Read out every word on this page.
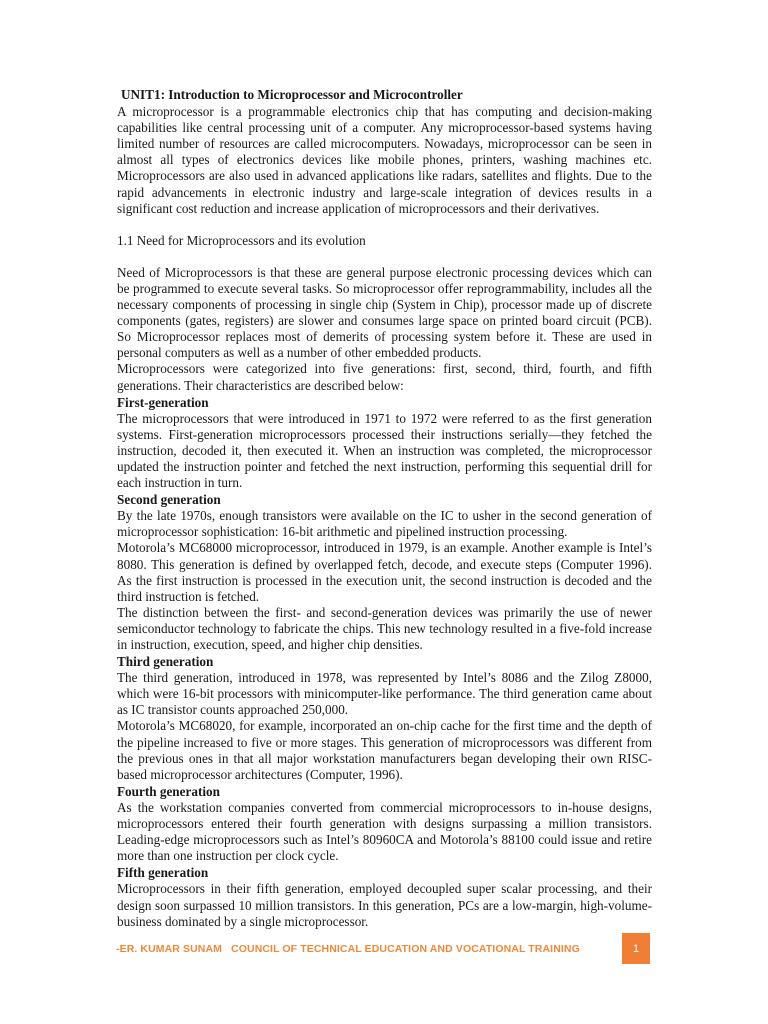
UNIT1: Introduction to Microprocessor and Microcontroller

A microprocessor is a programmable electronics chip that has computing and decision-making capabilities like central processing unit of a computer. Any microprocessor-based systems having limited number of resources are called microcomputers. Nowadays, microprocessor can be seen in almost all types of electronics devices like mobile phones, printers, washing machines etc. Microprocessors are also used in advanced applications like radars, satellites and flights. Due to the rapid advancements in electronic industry and large-scale integration of devices results in a significant cost reduction and increase application of microprocessors and their derivatives.

1.1 Need for Microprocessors and its evolution

Need of Microprocessors is that these are general purpose electronic processing devices which can be programmed to execute several tasks. So microprocessor offer reprogrammability, includes all the necessary components of processing in single chip (System in Chip), processor made up of discrete components (gates, registers) are slower and consumes large space on printed board circuit (PCB). So Microprocessor replaces most of demerits of processing system before it. These are used in personal computers as well as a number of other embedded products.

Microprocessors were categorized into five generations: first, second, third, fourth, and fifth generations. Their characteristics are described below:

First-generation

The microprocessors that were introduced in 1971 to 1972 were referred to as the first generation systems. First-generation microprocessors processed their instructions serially—they fetched the instruction, decoded it, then executed it. When an instruction was completed, the microprocessor updated the instruction pointer and fetched the next instruction, performing this sequential drill for each instruction in turn.

Second generation

By the late 1970s, enough transistors were available on the IC to usher in the second generation of microprocessor sophistication: 16-bit arithmetic and pipelined instruction processing.

Motorola’s MC68000 microprocessor, introduced in 1979, is an example. Another example is Intel’s 8080. This generation is defined by overlapped fetch, decode, and execute steps (Computer 1996). As the first instruction is processed in the execution unit, the second instruction is decoded and the third instruction is fetched.

The distinction between the first- and second-generation devices was primarily the use of newer semiconductor technology to fabricate the chips. This new technology resulted in a five-fold increase in instruction, execution, speed, and higher chip densities.

Third generation

The third generation, introduced in 1978, was represented by Intel’s 8086 and the Zilog Z8000, which were 16-bit processors with minicomputer-like performance. The third generation came about as IC transistor counts approached 250,000.

Motorola’s MC68020, for example, incorporated an on-chip cache for the first time and the depth of the pipeline increased to five or more stages. This generation of microprocessors was different from the previous ones in that all major workstation manufacturers began developing their own RISC-based microprocessor architectures (Computer, 1996).

Fourth generation

As the workstation companies converted from commercial microprocessors to in-house designs, microprocessors entered their fourth generation with designs surpassing a million transistors. Leading-edge microprocessors such as Intel’s 80960CA and Motorola’s 88100 could issue and retire more than one instruction per clock cycle.

Fifth generation

Microprocessors in their fifth generation, employed decoupled super scalar processing, and their design soon surpassed 10 million transistors. In this generation, PCs are a low-margin, high-volume-business dominated by a single microprocessor.

-ER. KUMAR SUNAM   COUNCIL OF TECHNICAL EDUCATION AND VOCATIONAL TRAINING	1
